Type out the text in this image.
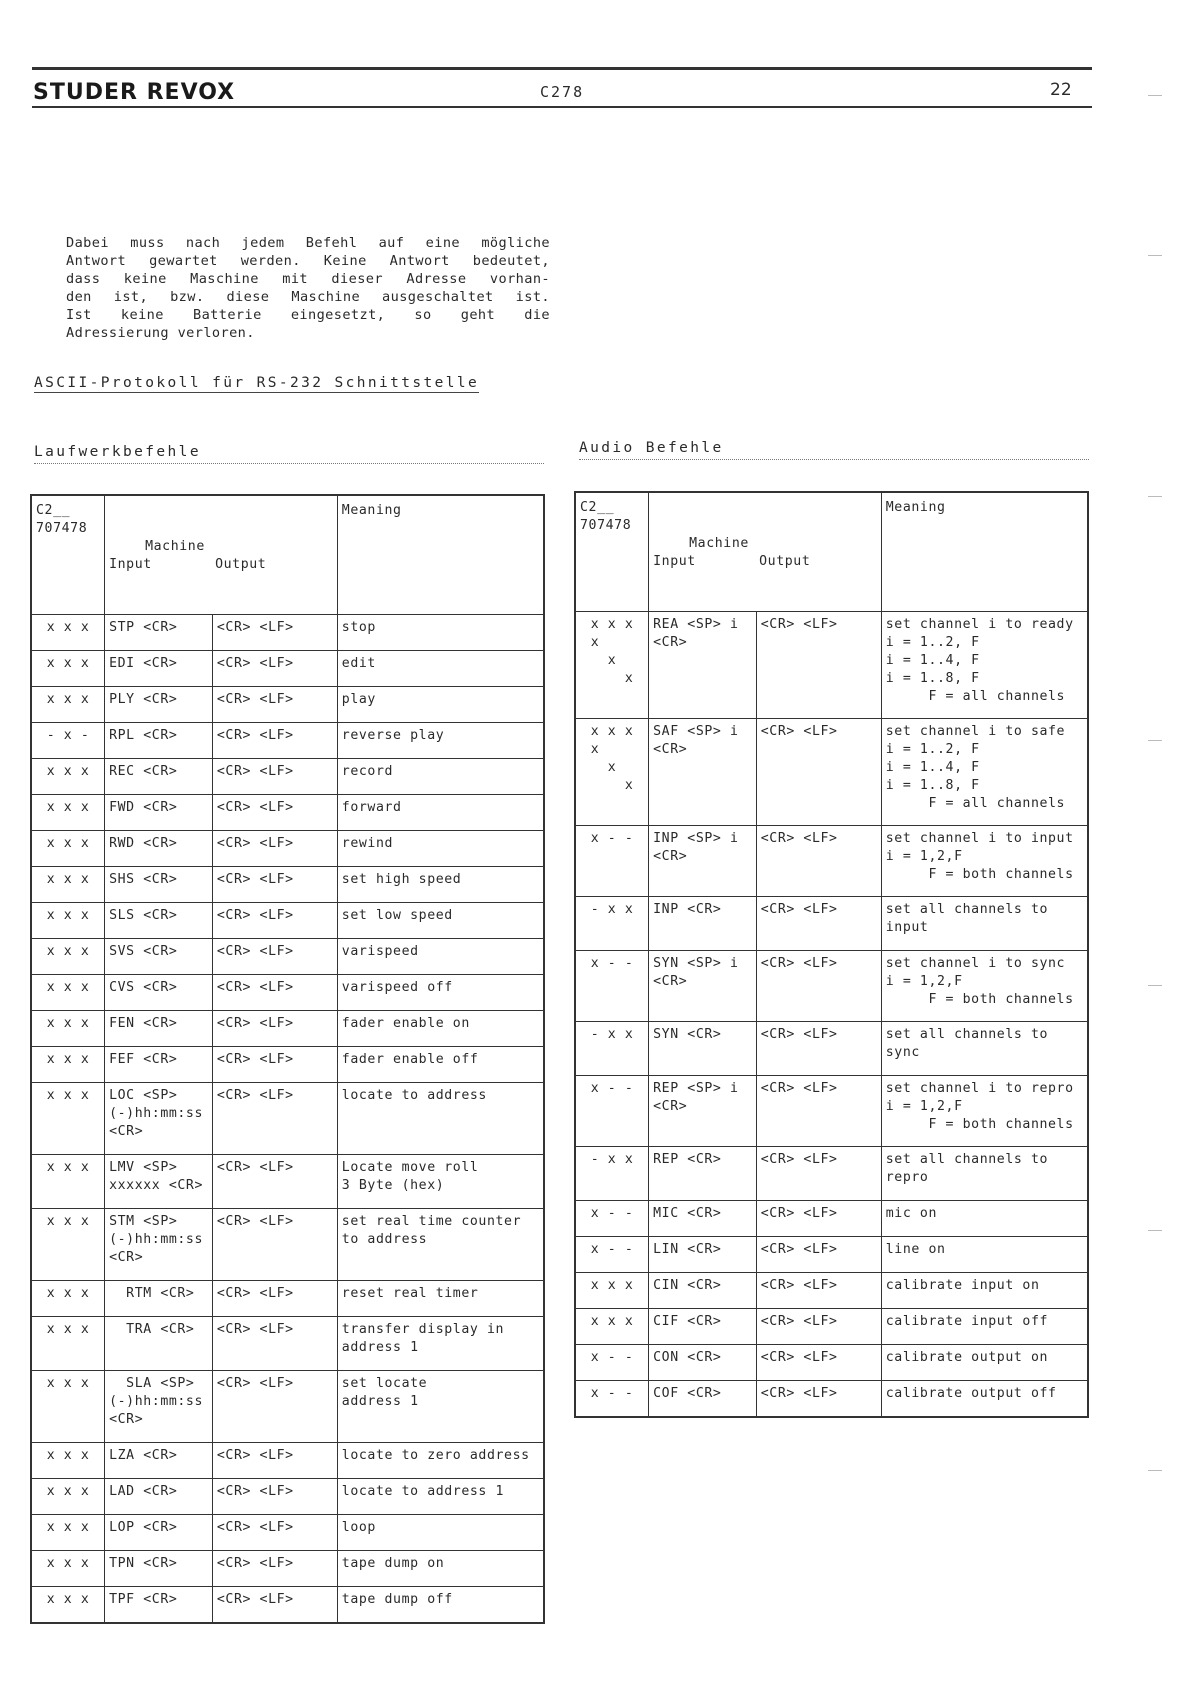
STUDER REVOX	C278	22
Dabei muss nach jedem Befehl auf eine mögliche
Antwort gewartet werden. Keine Antwort bedeutet,
dass keine Maschine mit dieser Adresse vorhan-
den ist, bzw. diese Maschine ausgeschaltet ist.
Ist keine Batterie eingesetzt, so geht die
Adressierung verloren.
ASCII-Protokoll für RS-232 Schnittstelle
Laufwerkbefehle	Audio Befehle
C2__
707478	Machine
Input Output		Meaning
x x x	STP <CR>	<CR> <LF>	stop
x x x	EDI <CR>	<CR> <LF>	edit
x x x	PLY <CR>	<CR> <LF>	play
- x -	RPL <CR>	<CR> <LF>	reverse play
x x x	REC <CR>	<CR> <LF>	record
x x x	FWD <CR>	<CR> <LF>	forward
x x x	RWD <CR>	<CR> <LF>	rewind
x x x	SHS <CR>	<CR> <LF>	set high speed
x x x	SLS <CR>	<CR> <LF>	set low speed
x x x	SVS <CR>	<CR> <LF>	varispeed
x x x	CVS <CR>	<CR> <LF>	varispeed off
x x x	FEN <CR>	<CR> <LF>	fader enable on
x x x	FEF <CR>	<CR> <LF>	fader enable off
x x x	LOC <SP>
(-)hh:mm:ss
<CR>	<CR> <LF>	locate to address
x x x	LMV <SP>
xxxxxx <CR>	<CR> <LF>	Locate move roll
3 Byte (hex)
x x x	STM <SP>
(-)hh:mm:ss
<CR>	<CR> <LF>	set real time counter
to address
x x x	RTM <CR>	<CR> <LF>	reset real timer
x x x	TRA <CR>	<CR> <LF>	transfer display in
address 1
x x x	SLA <SP>
(-)hh:mm:ss
<CR>	<CR> <LF>	set locate
address 1
x x x	LZA <CR>	<CR> <LF>	locate to zero address
x x x	LAD <CR>	<CR> <LF>	locate to address 1
x x x	LOP <CR>	<CR> <LF>	loop
x x x	TPN <CR>	<CR> <LF>	tape dump on
x x x	TPF <CR>	<CR> <LF>	tape dump off
C2__
707478	Machine
Input Output		Meaning
x x x
x
x
x	REA <SP> i
<CR>	<CR> <LF>	set channel i to ready
i = 1..2, F
i = 1..4, F
i = 1..8, F
F = all channels
x x x
x
x
x	SAF <SP> i
<CR>	<CR> <LF>	set channel i to safe
i = 1..2, F
i = 1..4, F
i = 1..8, F
F = all channels
x - -	INP <SP> i
<CR>	<CR> <LF>	set channel i to input
i = 1,2,F
F = both channels
- x x	INP <CR>	<CR> <LF>	set all channels to
input
x - -	SYN <SP> i
<CR>	<CR> <LF>	set channel i to sync
i = 1,2,F
F = both channels
- x x	SYN <CR>	<CR> <LF>	set all channels to
sync
x - -	REP <SP> i
<CR>	<CR> <LF>	set channel i to repro
i = 1,2,F
F = both channels
- x x	REP <CR>	<CR> <LF>	set all channels to
repro
x - -	MIC <CR>	<CR> <LF>	mic on
x - -	LIN <CR>	<CR> <LF>	line on
x x x	CIN <CR>	<CR> <LF>	calibrate input on
x x x	CIF <CR>	<CR> <LF>	calibrate input off
x - -	CON <CR>	<CR> <LF>	calibrate output on
x - -	COF <CR>	<CR> <LF>	calibrate output off
